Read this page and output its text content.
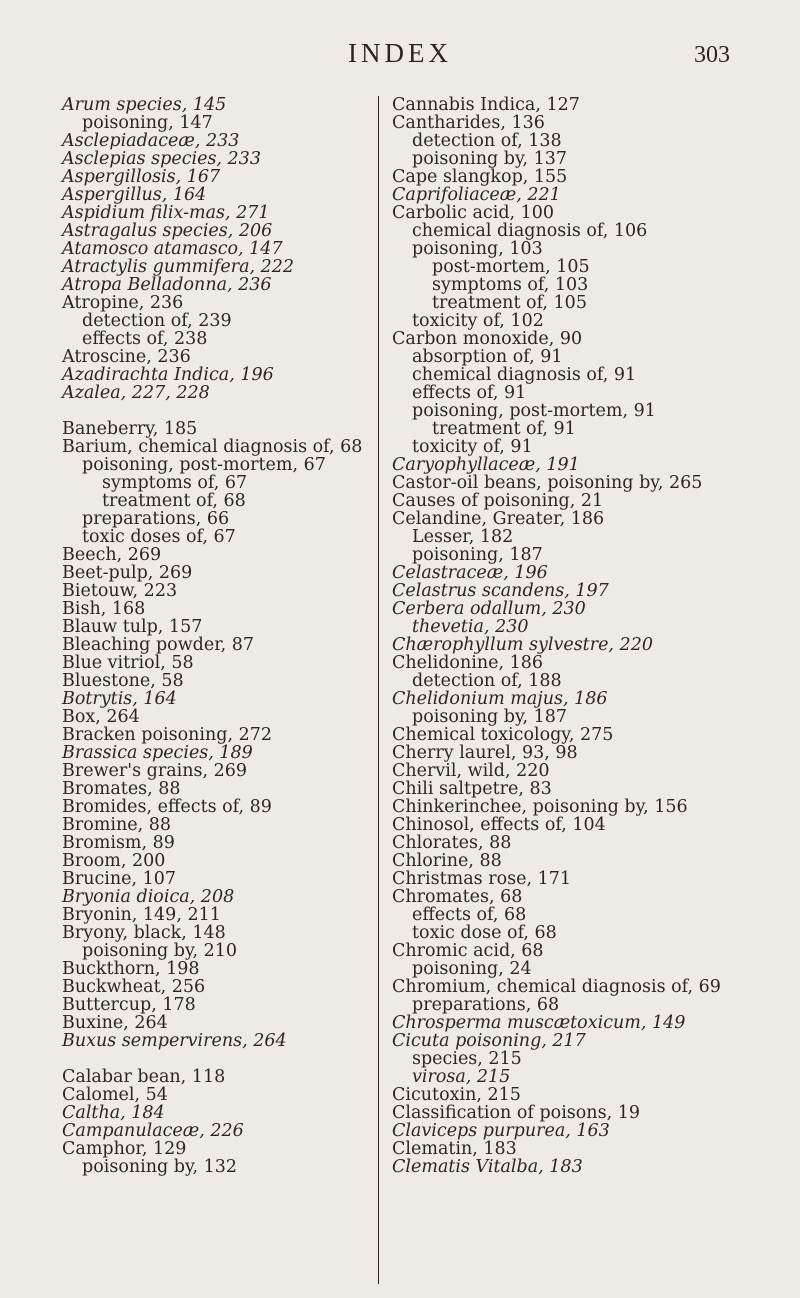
INDEX	303
Arum species, 145
poisoning, 147
Asclepiadaceæ, 233
Asclepias species, 233
Aspergillosis, 167
Aspergillus, 164
Aspidium filix-mas, 271
Astragalus species, 206
Atamosco atamasco, 147
Atractylis gummifera, 222
Atropa Belladonna, 236
Atropine, 236
detection of, 239
effects of, 238
Atroscine, 236
Azadirachta Indica, 196
Azalea, 227, 228
Baneberry, 185
Barium, chemical diagnosis of, 68
poisoning, post-mortem, 67
symptoms of, 67
treatment of, 68
preparations, 66
toxic doses of, 67
Beech, 269
Beet-pulp, 269
Bietouw, 223
Bish, 168
Blauw tulp, 157
Bleaching powder, 87
Blue vitriol, 58
Bluestone, 58
Botrytis, 164
Box, 264
Bracken poisoning, 272
Brassica species, 189
Brewer's grains, 269
Bromates, 88
Bromides, effects of, 89
Bromine, 88
Bromism, 89
Broom, 200
Brucine, 107
Bryonia dioica, 208
Bryonin, 149, 211
Bryony, black, 148
poisoning by, 210
Buckthorn, 198
Buckwheat, 256
Buttercup, 178
Buxine, 264
Buxus sempervirens, 264
Calabar bean, 118
Calomel, 54
Caltha, 184
Campanulaceæ, 226
Camphor, 129
poisoning by, 132
Cannabis Indica, 127
Cantharides, 136
detection of, 138
poisoning by, 137
Cape slangkop, 155
Caprifoliaceæ, 221
Carbolic acid, 100
chemical diagnosis of, 106
poisoning, 103
post-mortem, 105
symptoms of, 103
treatment of, 105
toxicity of, 102
Carbon monoxide, 90
absorption of, 91
chemical diagnosis of, 91
effects of, 91
poisoning, post-mortem, 91
treatment of, 91
toxicity of, 91
Caryophyllaceæ, 191
Castor-oil beans, poisoning by, 265
Causes of poisoning, 21
Celandine, Greater, 186
Lesser, 182
poisoning, 187
Celastraceæ, 196
Celastrus scandens, 197
Cerbera odallum, 230
thevetia, 230
Chærophyllum sylvestre, 220
Chelidonine, 186
detection of, 188
Chelidonium majus, 186
poisoning by, 187
Chemical toxicology, 275
Cherry laurel, 93, 98
Chervil, wild, 220
Chili saltpetre, 83
Chinkerinchee, poisoning by, 156
Chinosol, effects of, 104
Chlorates, 88
Chlorine, 88
Christmas rose, 171
Chromates, 68
effects of, 68
toxic dose of, 68
Chromic acid, 68
poisoning, 24
Chromium, chemical diagnosis of, 69
preparations, 68
Chrosperma muscætoxicum, 149
Cicuta poisoning, 217
species, 215
virosa, 215
Cicutoxin, 215
Classification of poisons, 19
Claviceps purpurea, 163
Clematin, 183
Clematis Vitalba, 183
